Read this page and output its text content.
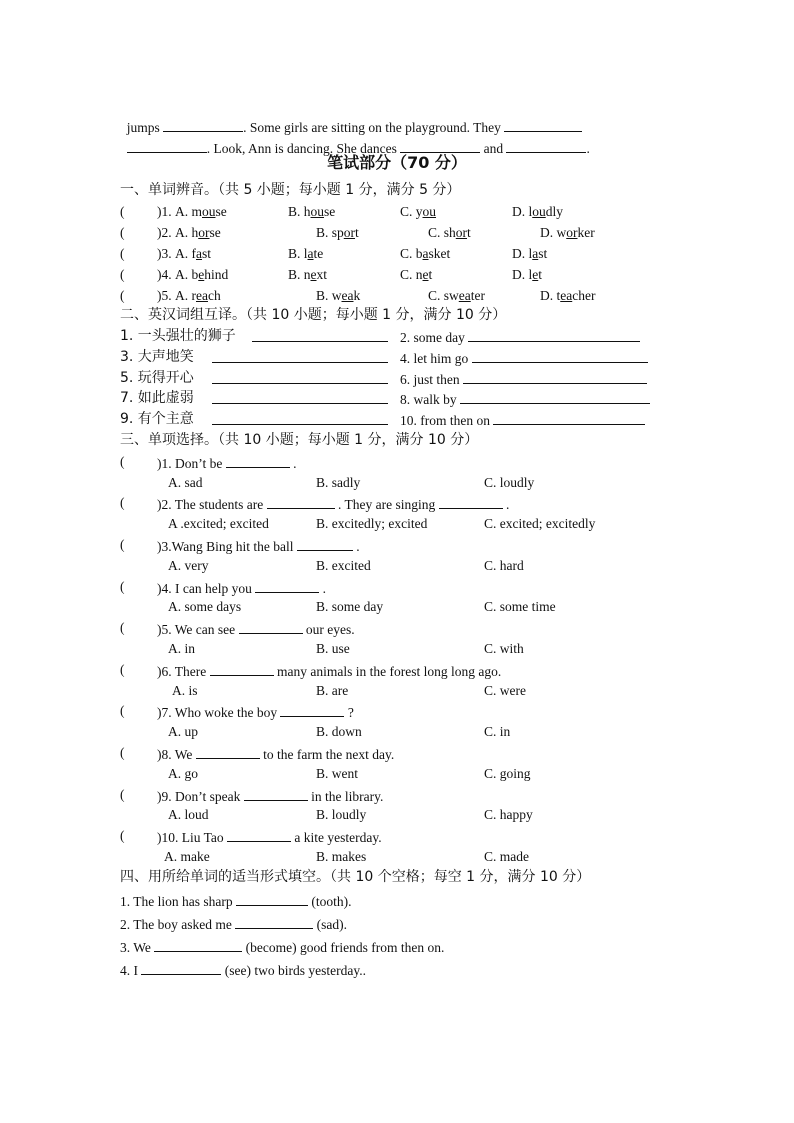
jumps	. Some girls are sitting on the playground. They

. Look, Ann is dancing. She dances	and	.

笔试部分（70 分）
一、单词辨音。（共 5 小题；每小题 1 分，满分 5 分）
( )1. A. mouse	B. house	C. you	D. loudly
( )2. A. horse	B. sport	C. short	D. worker
( )3. A. fast	B. late	C. basket	D. last
( )4. A. behind	B. next	C. net	D. let
( )5. A. reach	B. weak	C. sweater	D. teacher
二、英汉词组互译。（共 10 小题；每小题 1 分，满分 10 分）
1. 一头强壮的狮子	2. some day
3. 大声地笑	4. let him go
5. 玩得开心	6. just then
7. 如此虚弱	8. walk by
9. 有个主意	10. from then on
三、单项选择。（共 10 小题；每小题 1 分，满分 10 分）
( )1. Don’t be	.
A. sad	B. sadly	C. loudly
( )2. The students are	. They are singing	.
A .excited; excited	B. excitedly; excited	C. excited; excitedly
( )3.Wang Bing hit the ball	.
A. very	B. excited	C. hard
( )4. I can help you	.
A. some days	B. some day	C. some time
( )5. We can see	our eyes.
A. in	B. use	C. with
( )6. There	many animals in the forest long long ago.
A. is	B. are	C. were
( )7. Who woke the boy	?
A. up	B. down	C. in
( )8. We	to the farm the next day.
A. go	B. went	C. going
( )9. Don’t speak	in the library.
A. loud	B. loudly	C. happy
( )10. Liu Tao	a kite yesterday.
A. make	B. makes	C. made
四、用所给单词的适当形式填空。（共 10 个空格；每空 1 分，满分 10 分）
1. The lion has sharp	(tooth).
2. The boy asked me	(sad).
3. We	(become) good friends from then on.
4. I	(see) two birds yesterday..
